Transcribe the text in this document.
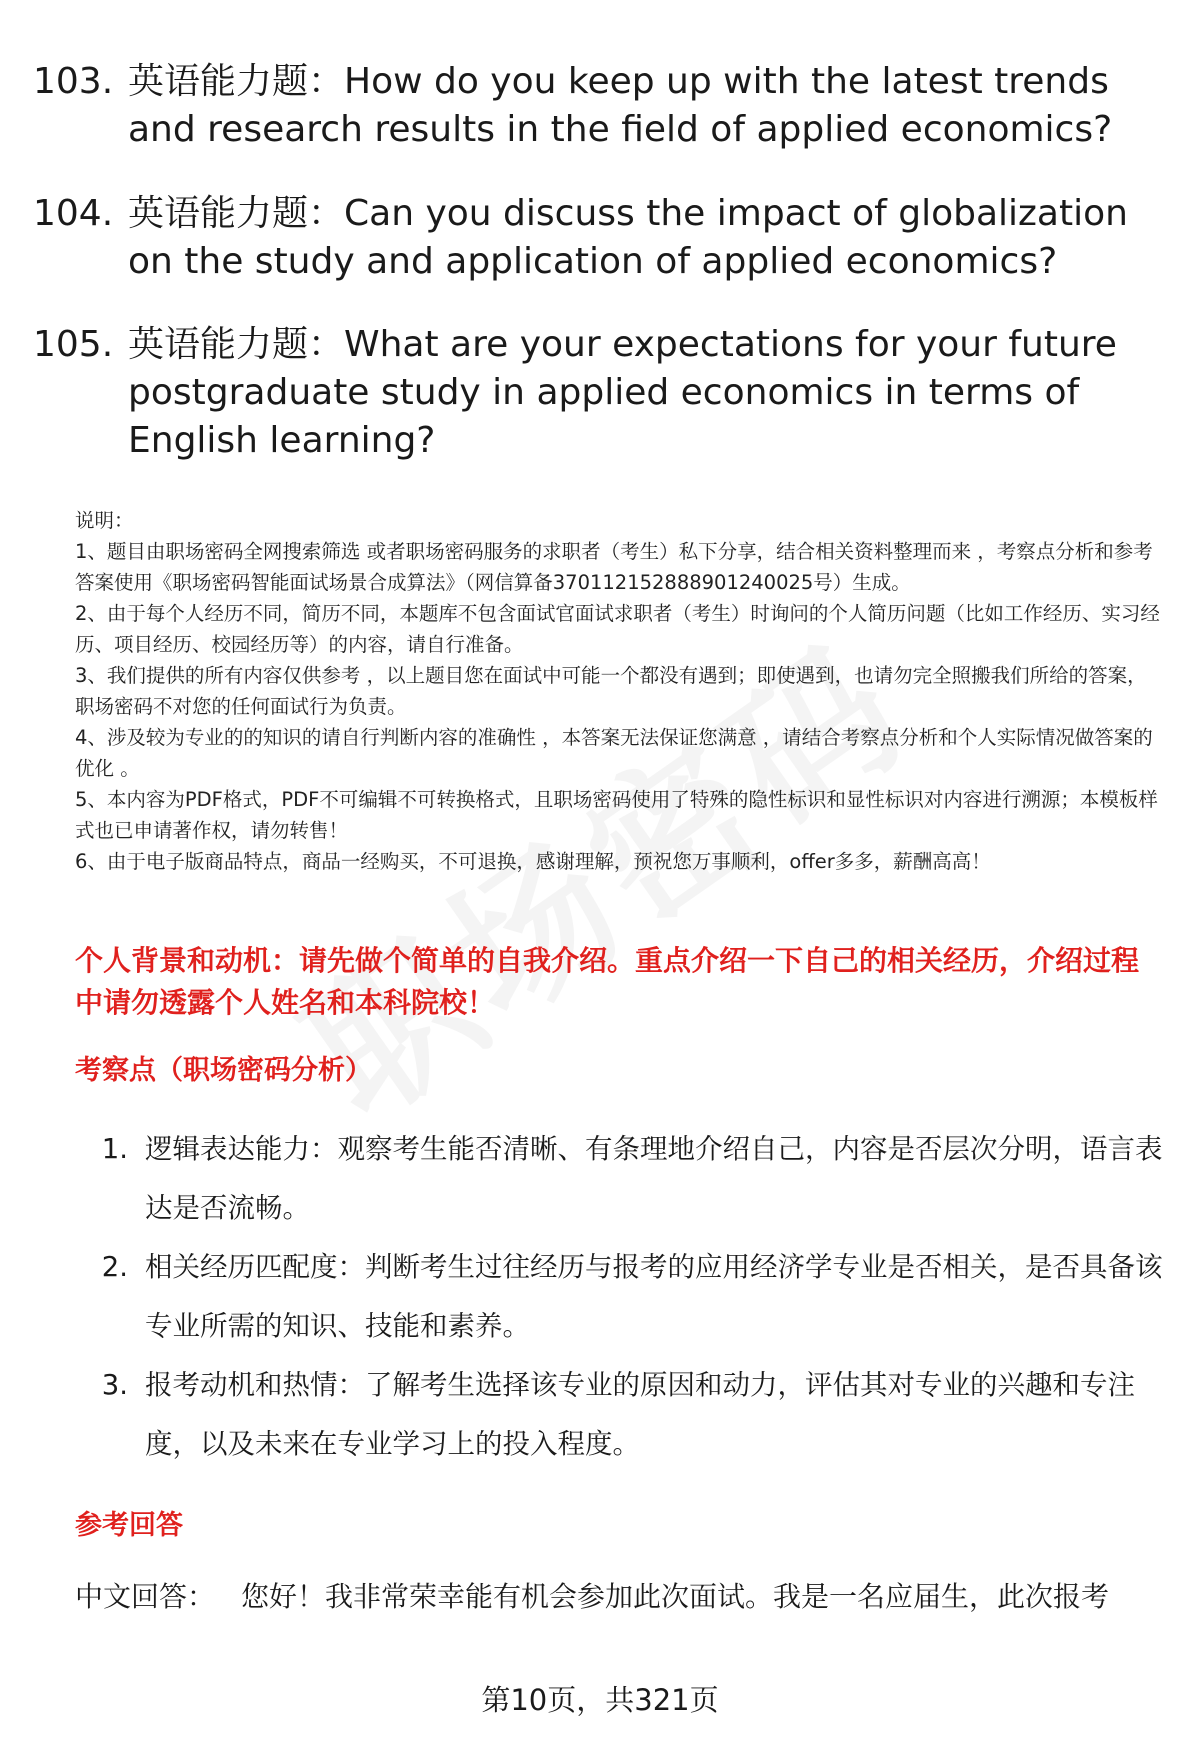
103. 英语能力题：How do you keep up with the latest trends and research results in the field of applied economics?
104. 英语能力题：Can you discuss the impact of globalization on the study and application of applied economics?
105. 英语能力题：What are your expectations for your future postgraduate study in applied economics in terms of English learning?

说明：

1、题目由职场密码全网搜索筛选 或者职场密码服务的求职者（考生）私下分享，结合相关资料整理而来 ，考察点分析和参考答案使用《职场密码智能面试场景合成算法》（网信算备370112152888901240025号）生成。

2、由于每个人经历不同，简历不同，本题库不包含面试官面试求职者（考生）时询问的个人简历问题（比如工作经历、实习经历、项目经历、校园经历等）的内容，请自行准备。

3、我们提供的所有内容仅供参考 ，以上题目您在面试中可能一个都没有遇到；即使遇到，也请勿完全照搬我们所给的答案，职场密码不对您的任何面试行为负责。

4、涉及较为专业的的知识的请自行判断内容的准确性 ，本答案无法保证您满意 ，请结合考察点分析和个人实际情况做答案的优化 。

5、本内容为PDF格式，PDF不可编辑不可转换格式，且职场密码使用了特殊的隐性标识和显性标识对内容进行溯源；本模板样式也已申请著作权，请勿转售！

6、由于电子版商品特点，商品一经购买，不可退换，感谢理解，预祝您万事顺利，offer多多，薪酬高高！

个人背景和动机：请先做个简单的自我介绍。重点介绍一下自己的相关经历，介绍过程中请勿透露个人姓名和本科院校！
考察点（职场密码分析）
1. 逻辑表达能力：观察考生能否清晰、有条理地介绍自己，内容是否层次分明，语言表达是否流畅。
2. 相关经历匹配度：判断考生过往经历与报考的应用经济学专业是否相关，是否具备该专业所需的知识、技能和素养。
3. 报考动机和热情：了解考生选择该专业的原因和动力，评估其对专业的兴趣和专注度，以及未来在专业学习上的投入程度。
参考回答
中文回答： 您好！我非常荣幸能有机会参加此次面试。我是一名应届生，此次报考
第10页，共321页
